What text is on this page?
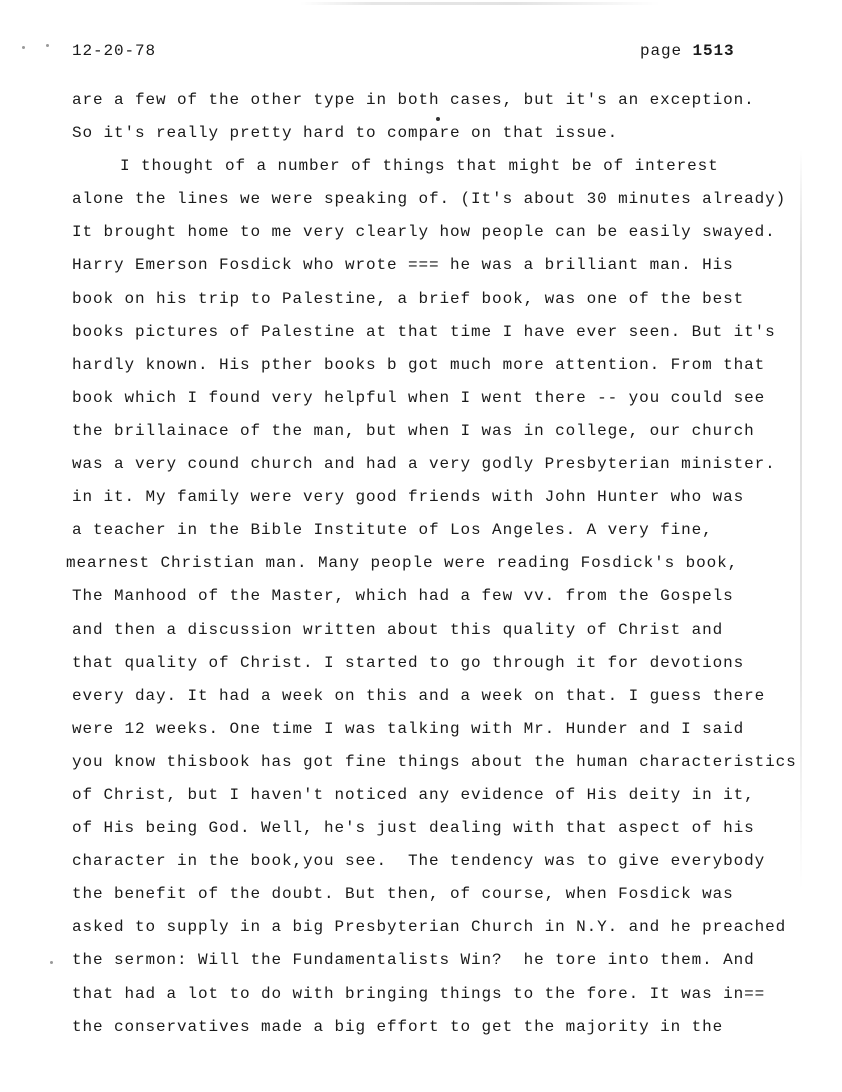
12-20-78	page 1513
are a few of the other type in both cases, but it's an exception.
So it's really pretty hard to compare on that issue.
I thought of a number of things that might be of interest
alone the lines we were speaking of. (It's about 30 minutes already)
It brought home to me very clearly how people can be easily swayed.
Harry Emerson Fosdick who wrote === he was a brilliant man. His
book on his trip to Palestine, a brief book, was one of the best
books pictures of Palestine at that time I have ever seen. But it's
hardly known. His pther books b got much more attention. From that
book which I found very helpful when I went there -- you could see
the brillainace of the man, but when I was in college, our church
was a very cound church and had a very godly Presbyterian minister.
in it. My family were very good friends with John Hunter who was
a teacher in the Bible Institute of Los Angeles. A very fine,
mearnest Christian man. Many people were reading Fosdick's book,
The Manhood of the Master, which had a few vv. from the Gospels
and then a discussion written about this quality of Christ and
that quality of Christ. I started to go through it for devotions
every day. It had a week on this and a week on that. I guess there
were 12 weeks. One time I was talking with Mr. Hunder and I said
you know thisbook has got fine things about the human characteristics
of Christ, but I haven't noticed any evidence of His deity in it,
of His being God. Well, he's just dealing with that aspect of his
character in the book,you see.  The tendency was to give everybody
the benefit of the doubt. But then, of course, when Fosdick was
asked to supply in a big Presbyterian Church in N.Y. and he preached
the sermon: Will the Fundamentalists Win?  he tore into them. And
that had a lot to do with bringing things to the fore. It was in==
the conservatives made a big effort to get the majority in the
